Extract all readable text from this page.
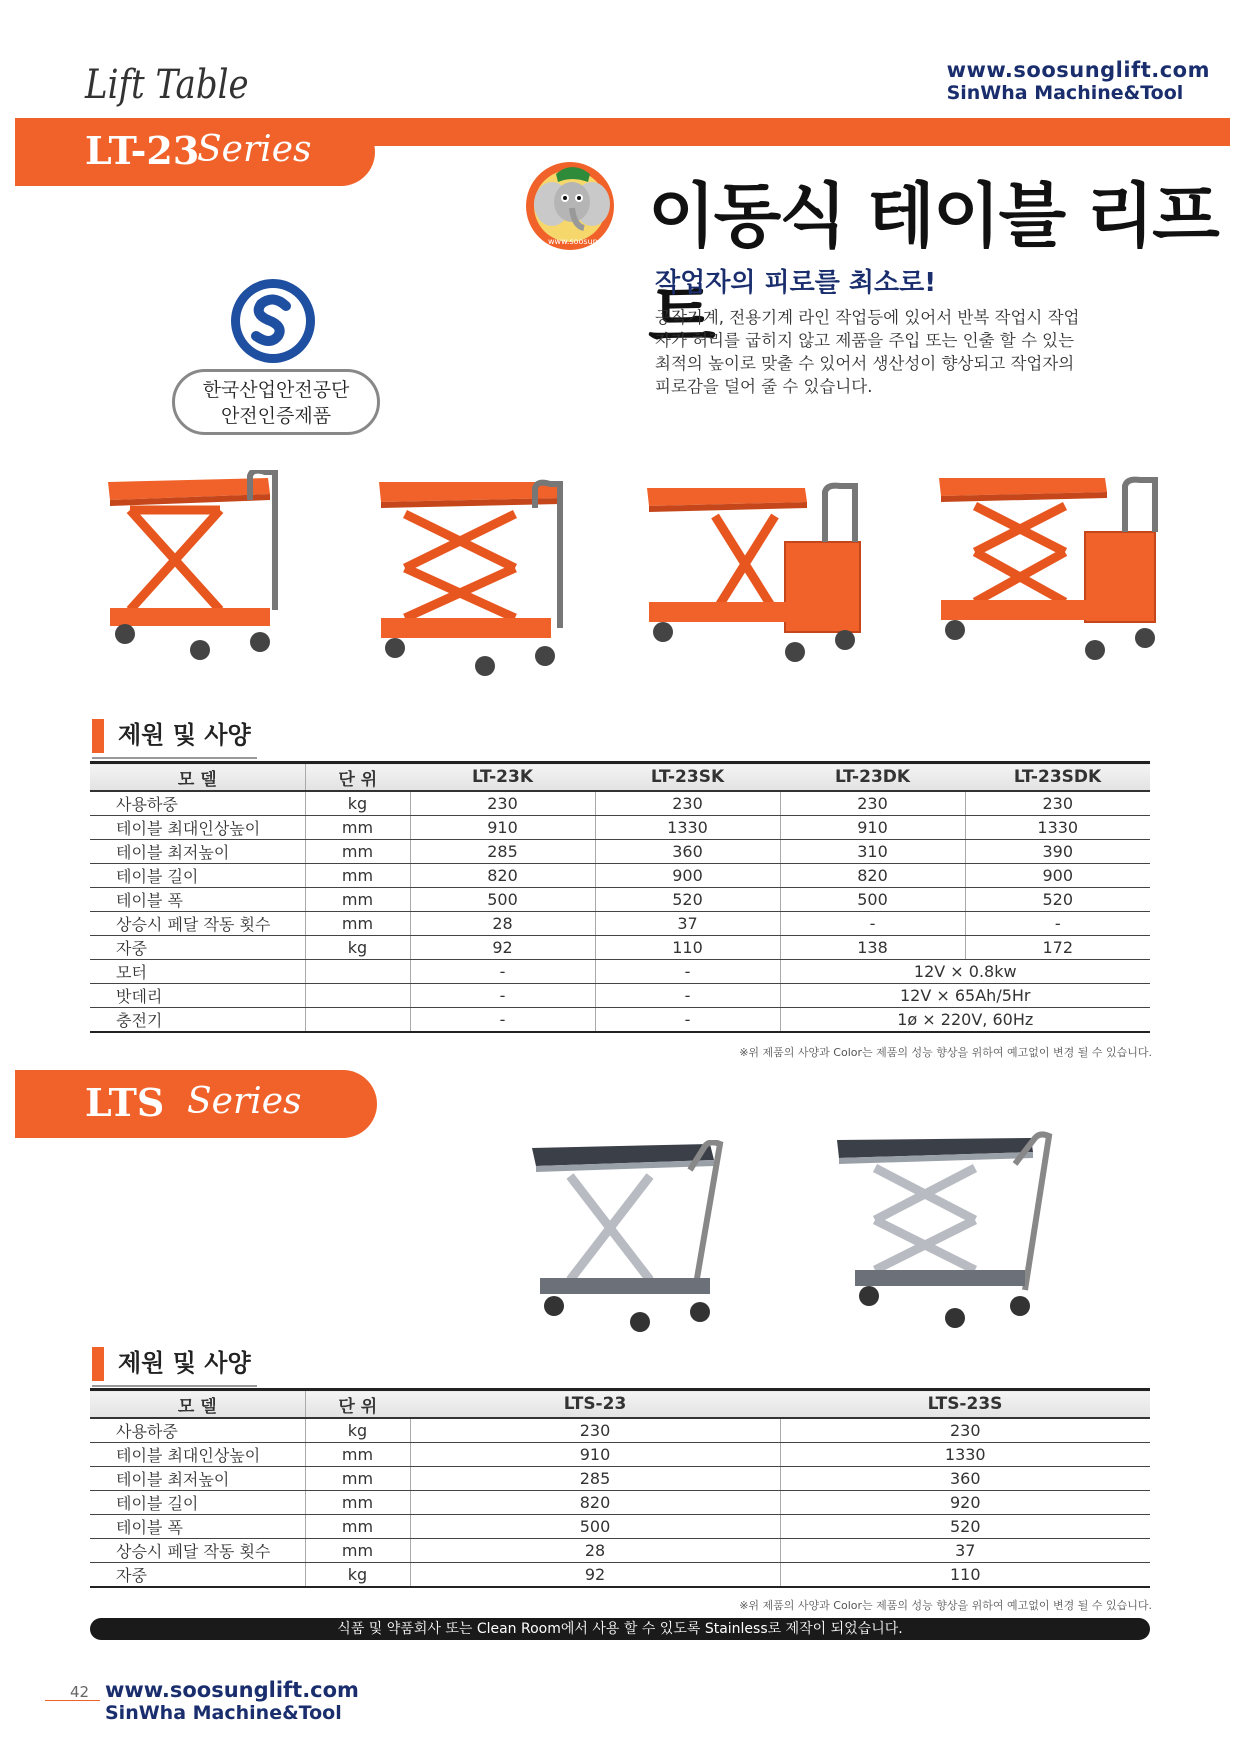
Lift Table	www.soosunglift.com
SinWha Machine&Tool
LT-23
Series
www.soosung.com 이동식 테이블 리프트
한국산업안전공단
안전인증제품
작업자의 피로를 최소로!
공작기계, 전용기계 라인 작업등에 있어서 반복 작업시 작업자가 허리를 굽히지 않고 제품을 주입 또는 인출 할 수 있는 최적의 높이로 맞출 수 있어서 생산성이 향상되고 작업자의 피로감을 덜어 줄 수 있습니다.
제원 및 사양
모 델	단 위	LT-23K	LT-23SK	LT-23DK	LT-23SDK
사용하중	kg	230	230	230	230
테이블 최대인상높이	mm	910	1330	910	1330
테이블 최저높이	mm	285	360	310	390
테이블 길이	mm	820	900	820	900
테이블 폭	mm	500	520	500	520
상승시 페달 작동 횟수	mm	28	37	-	-
자중	kg	92	110	138	172
모터		-	-	12V × 0.8kw	
밧데리		-	-	12V × 65Ah/5Hr	
충전기		-	-	1ø × 220V, 60Hz	
※위 제품의 사양과 Color는 제품의 성능 향상을 위하여 예고없이 변경 될 수 있습니다.
LTS Series
제원 및 사양
모 델	단 위	LTS-23	LTS-23S
사용하중	kg	230	230
테이블 최대인상높이	mm	910	1330
테이블 최저높이	mm	285	360
테이블 길이	mm	820	920
테이블 폭	mm	500	520
상승시 페달 작동 횟수	mm	28	37
자중	kg	92	110
※위 제품의 사양과 Color는 제품의 성능 향상을 위하여 예고없이 변경 될 수 있습니다.
식품 및 약품회사 또는 Clean Room에서 사용 할 수 있도록 Stainless로 제작이 되었습니다.
42 www.soosunglift.com
SinWha Machine&Tool
